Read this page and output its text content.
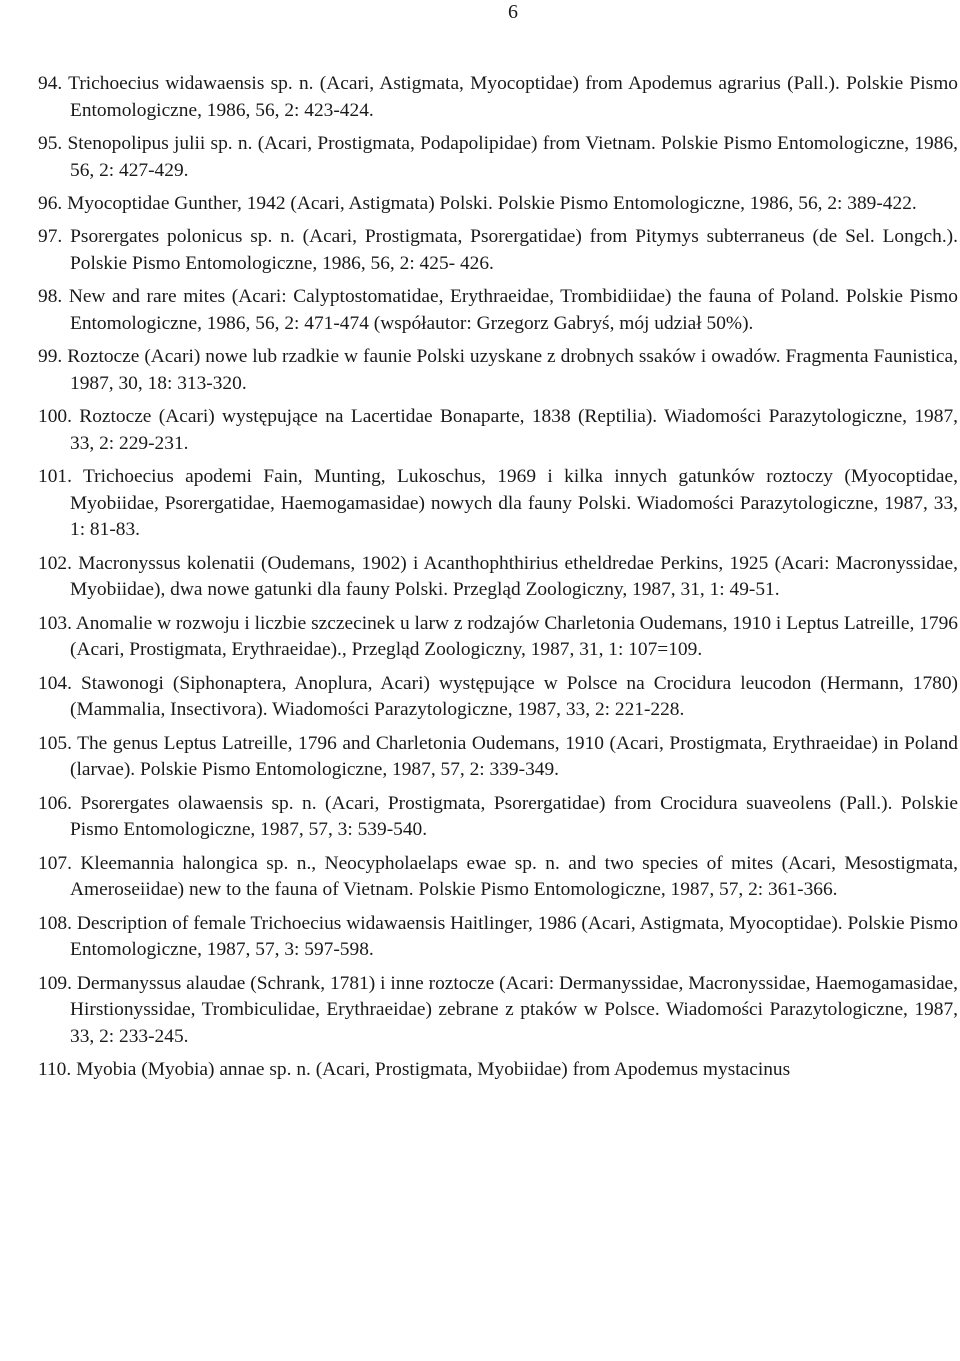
6

94. Trichoecius widawaensis sp. n. (Acari, Astigmata, Myocoptidae) from Apodemus agrarius (Pall.). Polskie Pismo Entomologiczne, 1986, 56, 2: 423-424.

95. Stenopolipus julii sp. n. (Acari, Prostigmata, Podapolipidae) from Vietnam. Polskie Pismo Entomologiczne, 1986, 56, 2: 427-429.

96. Myocoptidae Gunther, 1942 (Acari, Astigmata) Polski. Polskie Pismo Entomologiczne, 1986, 56, 2: 389-422.

97. Psorergates polonicus sp. n. (Acari, Prostigmata, Psorergatidae) from Pitymys subterraneus (de Sel. Longch.). Polskie Pismo Entomologiczne, 1986, 56, 2: 425- 426.

98. New and rare mites (Acari: Calyptostomatidae, Erythraeidae, Trombidiidae) the fauna of Poland. Polskie Pismo Entomologiczne, 1986, 56, 2: 471-474 (współautor: Grzegorz Gabryś, mój udział 50%).

99. Roztocze (Acari) nowe lub rzadkie w faunie Polski uzyskane z drobnych ssaków i owadów. Fragmenta Faunistica, 1987, 30, 18: 313-320.

100. Roztocze (Acari) występujące na Lacertidae Bonaparte, 1838 (Reptilia). Wiadomości Parazytologiczne, 1987, 33, 2: 229-231.

101. Trichoecius apodemi Fain, Munting, Lukoschus, 1969 i kilka innych gatunków roztoczy (Myocoptidae, Myobiidae, Psorergatidae, Haemogamasidae) nowych dla fauny Polski. Wiadomości Parazytologiczne, 1987, 33, 1: 81-83.

102. Macronyssus kolenatii (Oudemans, 1902) i Acanthophthirius etheldredae Perkins, 1925 (Acari: Macronyssidae, Myobiidae), dwa nowe gatunki dla fauny Polski. Przegląd Zoologiczny, 1987, 31, 1: 49-51.

103. Anomalie w rozwoju i liczbie szczecinek u larw z rodzajów Charletonia Oudemans, 1910 i Leptus Latreille, 1796 (Acari, Prostigmata, Erythraeidae)., Przegląd Zoologiczny, 1987, 31, 1: 107=109.

104. Stawonogi (Siphonaptera, Anoplura, Acari) występujące w Polsce na Crocidura leucodon (Hermann, 1780) (Mammalia, Insectivora). Wiadomości Parazytologiczne, 1987, 33, 2: 221-228.

105. The genus Leptus Latreille, 1796 and Charletonia Oudemans, 1910 (Acari, Prostigmata, Erythraeidae) in Poland (larvae). Polskie Pismo Entomologiczne, 1987, 57, 2: 339-349.

106. Psorergates olawaensis sp. n. (Acari, Prostigmata, Psorergatidae) from Crocidura suaveolens (Pall.). Polskie Pismo Entomologiczne, 1987, 57, 3: 539-540.

107. Kleemannia halongica sp. n., Neocypholaelaps ewae sp. n. and two species of mites (Acari, Mesostigmata, Ameroseiidae) new to the fauna of Vietnam. Polskie Pismo Entomologiczne, 1987, 57, 2: 361-366.

108. Description of female Trichoecius widawaensis Haitlinger, 1986 (Acari, Astigmata, Myocoptidae). Polskie Pismo Entomologiczne, 1987, 57, 3: 597-598.

109. Dermanyssus alaudae (Schrank, 1781) i inne roztocze (Acari: Dermanyssidae, Macronyssidae, Haemogamasidae, Hirstionyssidae, Trombiculidae, Erythraeidae) zebrane z ptaków w Polsce. Wiadomości Parazytologiczne, 1987, 33, 2: 233-245.

110. Myobia (Myobia) annae sp. n. (Acari, Prostigmata, Myobiidae) from Apodemus mystacinus
